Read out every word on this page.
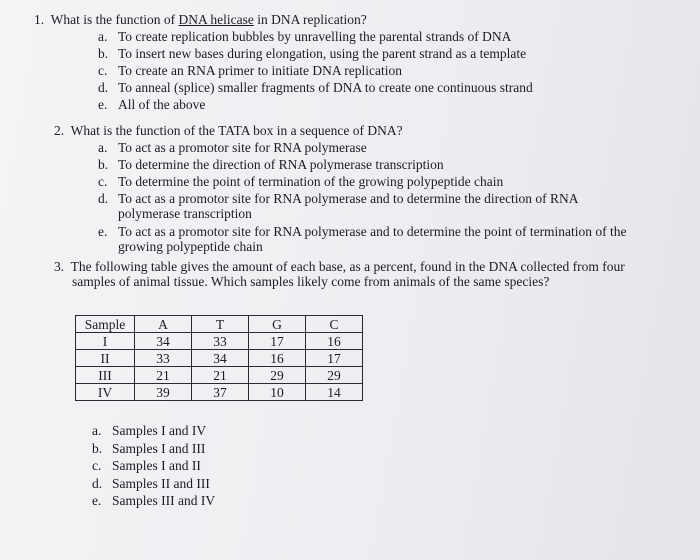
1. What is the function of DNA helicase in DNA replication?
a. To create replication bubbles by unravelling the parental strands of DNA
b. To insert new bases during elongation, using the parent strand as a template
c. To create an RNA primer to initiate DNA replication
d. To anneal (splice) smaller fragments of DNA to create one continuous strand
e. All of the above
2. What is the function of the TATA box in a sequence of DNA?
a. To act as a promotor site for RNA polymerase
b. To determine the direction of RNA polymerase transcription
c. To determine the point of termination of the growing polypeptide chain
d. To act as a promotor site for RNA polymerase and to determine the direction of RNA
polymerase transcription
e. To act as a promotor site for RNA polymerase and to determine the point of termination of the
growing polypeptide chain
3. The following table gives the amount of each base, as a percent, found in the DNA collected from four
samples of animal tissue. Which samples likely come from animals of the same species?
Sample	A	T	G	C
I	34	33	17	16
II	33	34	16	17
III	21	21	29	29
IV	39	37	10	14
a. Samples I and IV
b. Samples I and III
c. Samples I and II
d. Samples II and III
e. Samples III and IV
